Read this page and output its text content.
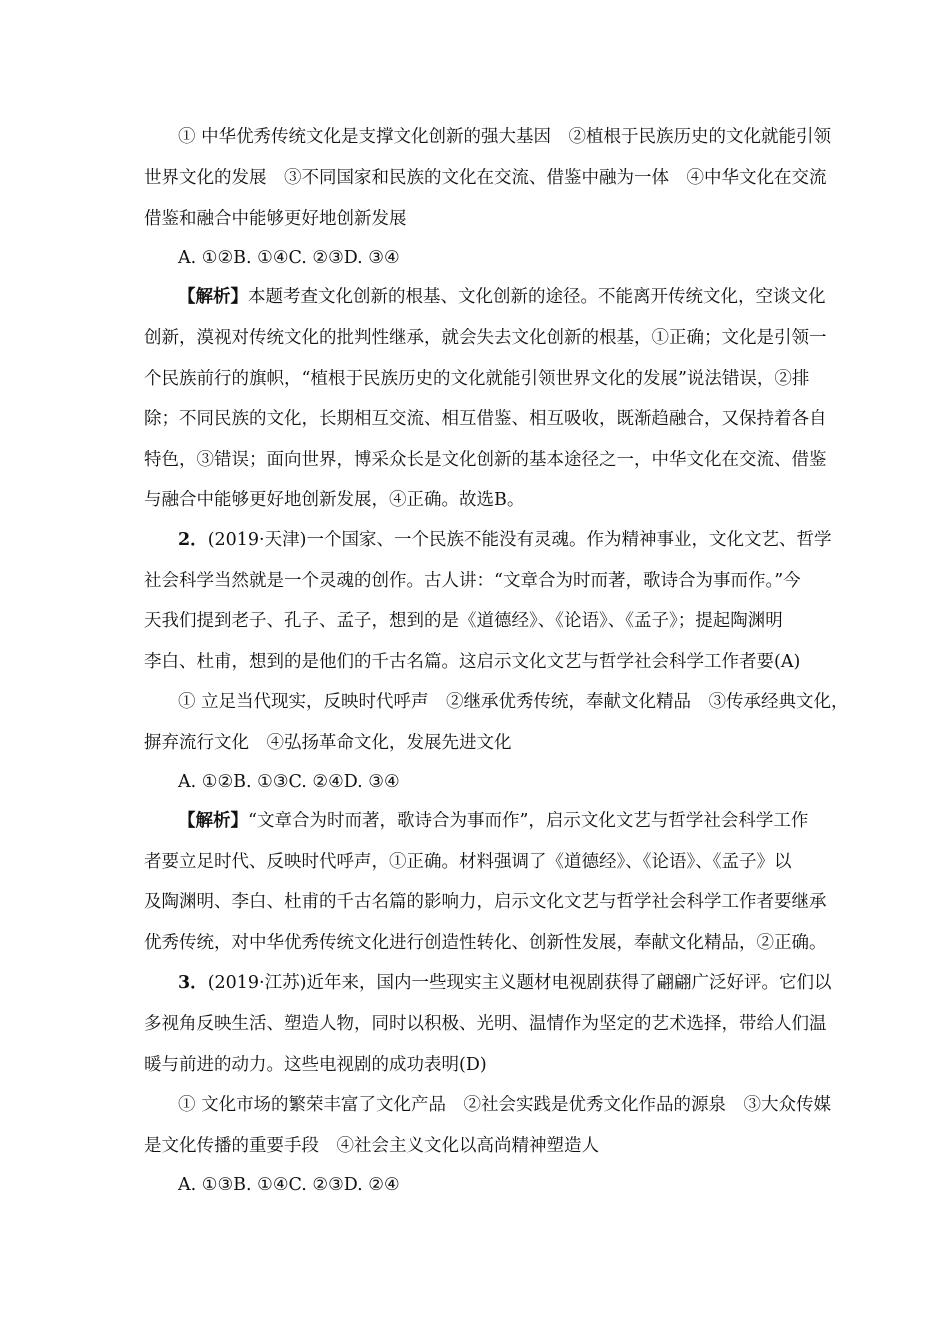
① 中华优秀传统文化是支撑文化创新的强大基因　②植根于民族历史的文化就能引领
世界文化的发展　③不同国家和民族的文化在交流、借鉴中融为一体　④中华文化在交流
借鉴和融合中能够更好地创新发展
A. ①②B. ①④C. ②③D. ③④
【解析】本题考查文化创新的根基、文化创新的途径。不能离开传统文化，空谈文化
创新，漠视对传统文化的批判性继承，就会失去文化创新的根基，①正确；文化是引领一
个民族前行的旗帜，“植根于民族历史的文化就能引领世界文化的发展”说法错误，②排
除；不同民族的文化，长期相互交流、相互借鉴、相互吸收，既渐趋融合，又保持着各自
特色，③错误；面向世界，博采众长是文化创新的基本途径之一，中华文化在交流、借鉴
与融合中能够更好地创新发展，④正确。故选B。
2．(2019·天津)一个国家、一个民族不能没有灵魂。作为精神事业，文化文艺、哲学
社会科学当然就是一个灵魂的创作。古人讲：“文章合为时而著，歌诗合为事而作。”今
天我们提到老子、孔子、孟子，想到的是《道德经》、《论语》、《孟子》；提起陶渊明
李白、杜甫，想到的是他们的千古名篇。这启示文化文艺与哲学社会科学工作者要(A)
① 立足当代现实，反映时代呼声　②继承优秀传统，奉献文化精品　③传承经典文化，
摒弃流行文化　④弘扬革命文化，发展先进文化
A. ①②B. ①③C. ②④D. ③④
【解析】“文章合为时而著，歌诗合为事而作”，启示文化文艺与哲学社会科学工作
者要立足时代、反映时代呼声，①正确。材料强调了《道德经》、《论语》、《孟子》以
及陶渊明、李白、杜甫的千古名篇的影响力，启示文化文艺与哲学社会科学工作者要继承
优秀传统，对中华优秀传统文化进行创造性转化、创新性发展，奉献文化精品，②正确。
3．(2019·江苏)近年来，国内一些现实主义题材电视剧获得了翩翩广泛好评。它们以
多视角反映生活、塑造人物，同时以积极、光明、温情作为坚定的艺术选择，带给人们温
暖与前进的动力。这些电视剧的成功表明(D)
① 文化市场的繁荣丰富了文化产品　②社会实践是优秀文化作品的源泉　③大众传媒
是文化传播的重要手段　④社会主义文化以高尚精神塑造人
A. ①③B. ①④C. ②③D. ②④
